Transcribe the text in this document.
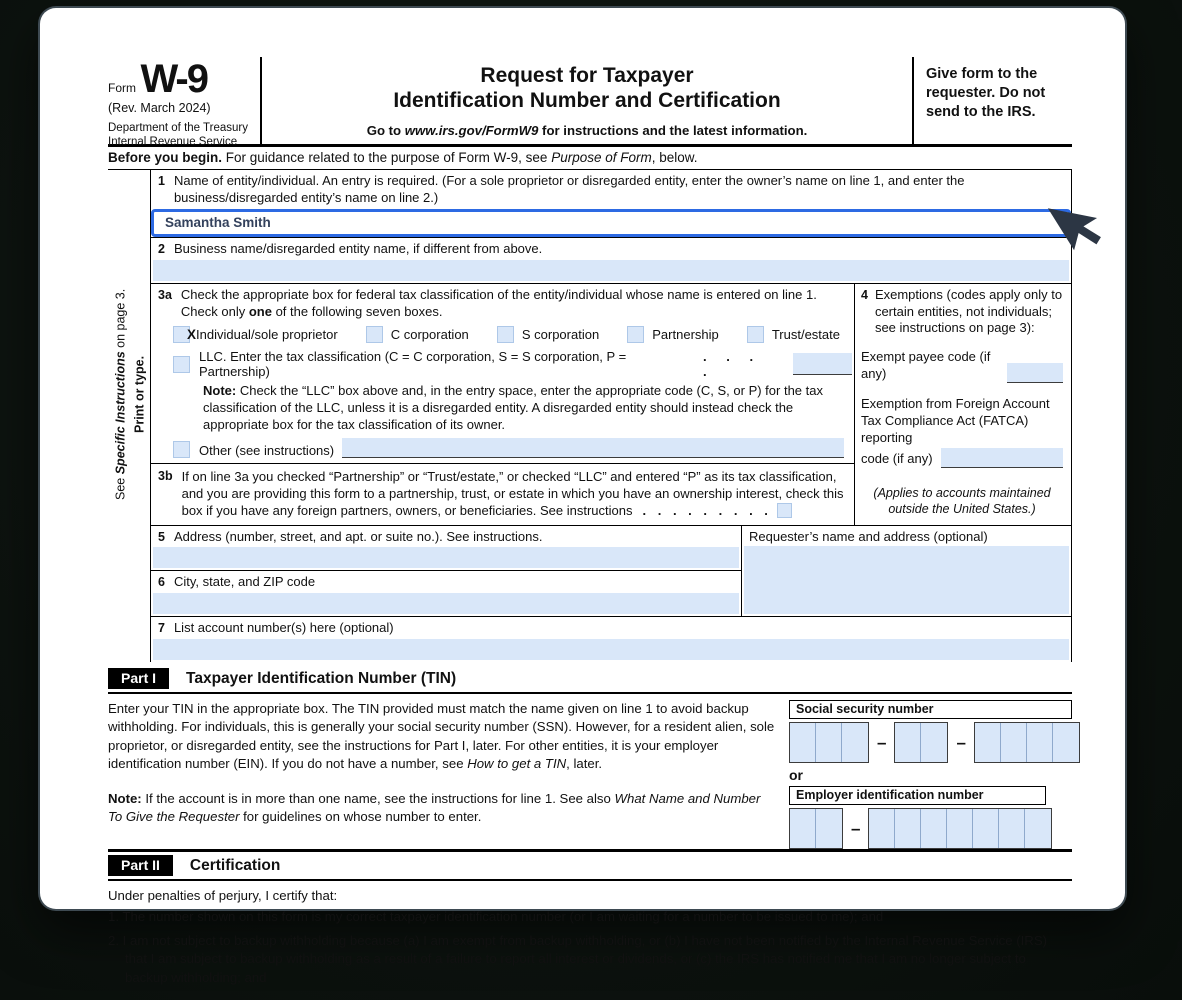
Form W-9
(Rev. March 2024)
Department of the Treasury
Internal Revenue Service
Request for Taxpayer
Identification Number and Certification
Go to www.irs.gov/FormW9 for instructions and the latest information.
Give form to the requester. Do not send to the IRS.
Before you begin. For guidance related to the purpose of Form W-9, see Purpose of Form, below.
Print or type.
See Specific Instructions on page 3.
1 Name of entity/individual. An entry is required. (For a sole proprietor or disregarded entity, enter the owner’s name on line 1, and enter the business/disregarded entity’s name on line 2.)
Samantha Smith
2 Business name/disregarded entity name, if different from above.
3a Check the appropriate box for federal tax classification of the entity/individual whose name is entered on line 1. Check only one of the following seven boxes.
X Individual/sole proprietor	C corporation	S corporation	Partnership	Trust/estate
LLC. Enter the tax classification (C = C corporation, S = S corporation, P = Partnership)
. . . .
Note: Check the “LLC” box above and, in the entry space, enter the appropriate code (C, S, or P) for the tax classification of the LLC, unless it is a disregarded entity. A disregarded entity should instead check the appropriate box for the tax classification of its owner.
Other (see instructions)
3b If on line 3a you checked “Partnership” or “Trust/estate,” or checked “LLC” and entered “P” as its tax classification, and you are providing this form to a partnership, trust, or estate in which you have an ownership interest, check this box if you have any foreign partners, owners, or beneficiaries. See instructions . . . . . . . . .
4 Exemptions (codes apply only to certain entities, not individuals; see instructions on page 3):
Exempt payee code (if any)
Exemption from Foreign Account Tax Compliance Act (FATCA) reporting
code (if any)
(Applies to accounts maintained outside the United States.)
5 Address (number, street, and apt. or suite no.). See instructions.
6 City, state, and ZIP code
Requester’s name and address (optional)
7 List account number(s) here (optional)
Part I	Taxpayer Identification Number (TIN)
Enter your TIN in the appropriate box. The TIN provided must match the name given on line 1 to avoid backup withholding. For individuals, this is generally your social security number (SSN). However, for a resident alien, sole proprietor, or disregarded entity, see the instructions for Part I, later. For other entities, it is your employer identification number (EIN). If you do not have a number, see How to get a TIN, later.
Note: If the account is in more than one name, see the instructions for line 1. See also What Name and Number To Give the Requester for guidelines on whose number to enter.
Social security number
–	–
or
Employer identification number
–
Part II	Certification
Under penalties of perjury, I certify that:
1. The number shown on this form is my correct taxpayer identification number (or I am waiting for a number to be issued to me); and
2. I am not subject to backup withholding because (a) I am exempt from backup withholding, or (b) I have not been notified by the Internal Revenue Service (IRS) that I am subject to backup withholding as a result of a failure to report all interest or dividends, or (c) the IRS has notified me that I am no longer subject to backup withholding; and
